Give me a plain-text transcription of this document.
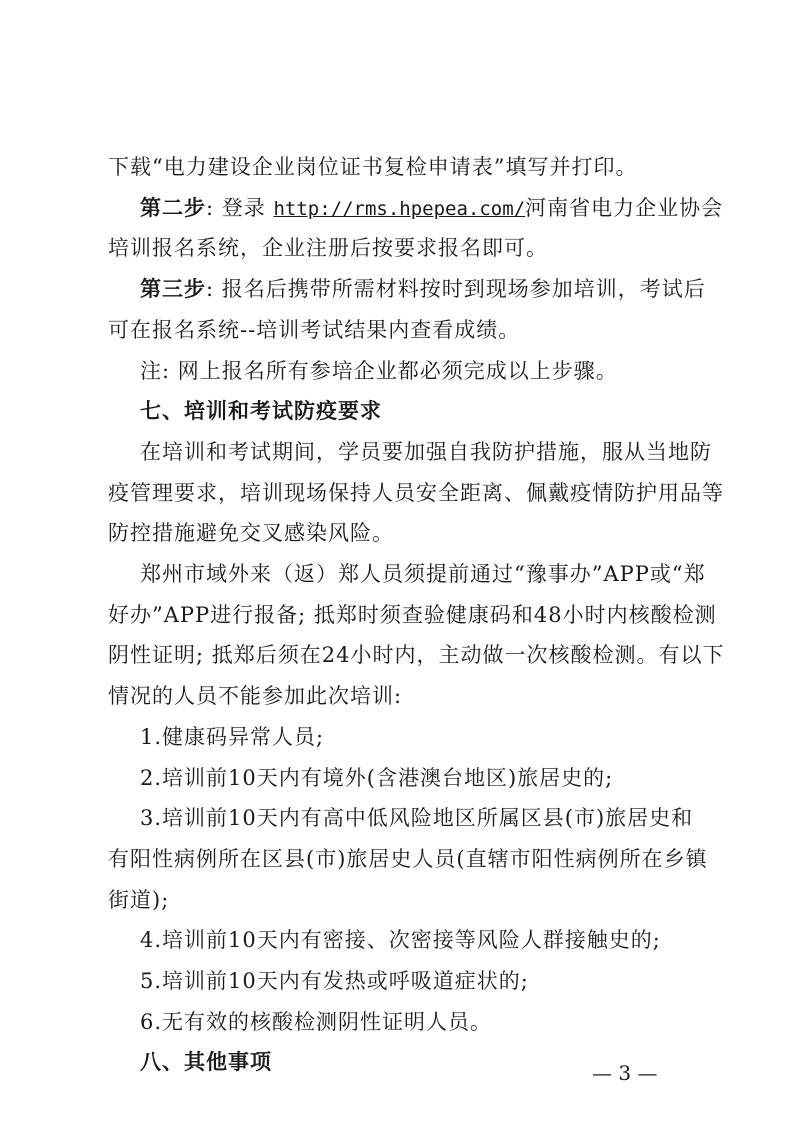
下载“电力建设企业岗位证书复检申请表”填写并打印。
第二步: 登录 http://rms.hpepea.com/河南省电力企业协会
培训报名系统，企业注册后按要求报名即可。
第三步: 报名后携带所需材料按时到现场参加培训，考试后
可在报名系统--培训考试结果内查看成绩。
注: 网上报名所有参培企业都必须完成以上步骤。
七、培训和考试防疫要求
在培训和考试期间，学员要加强自我防护措施，服从当地防
疫管理要求，培训现场保持人员安全距离、佩戴疫情防护用品等
防控措施避免交叉感染风险。
郑州市域外来（返）郑人员须提前通过“豫事办”APP或“郑
好办”APP进行报备; 抵郑时须查验健康码和48小时内核酸检测
阴性证明; 抵郑后须在24小时内，主动做一次核酸检测。有以下
情况的人员不能参加此次培训:
1.健康码异常人员;
2.培训前10天内有境外(含港澳台地区)旅居史的;
3.培训前10天内有高中低风险地区所属区县(市)旅居史和
有阳性病例所在区县(市)旅居史人员(直辖市阳性病例所在乡镇
街道);
4.培训前10天内有密接、次密接等风险人群接触史的;
5.培训前10天内有发热或呼吸道症状的;
6.无有效的核酸检测阴性证明人员。
八、其他事项	— 3 —
